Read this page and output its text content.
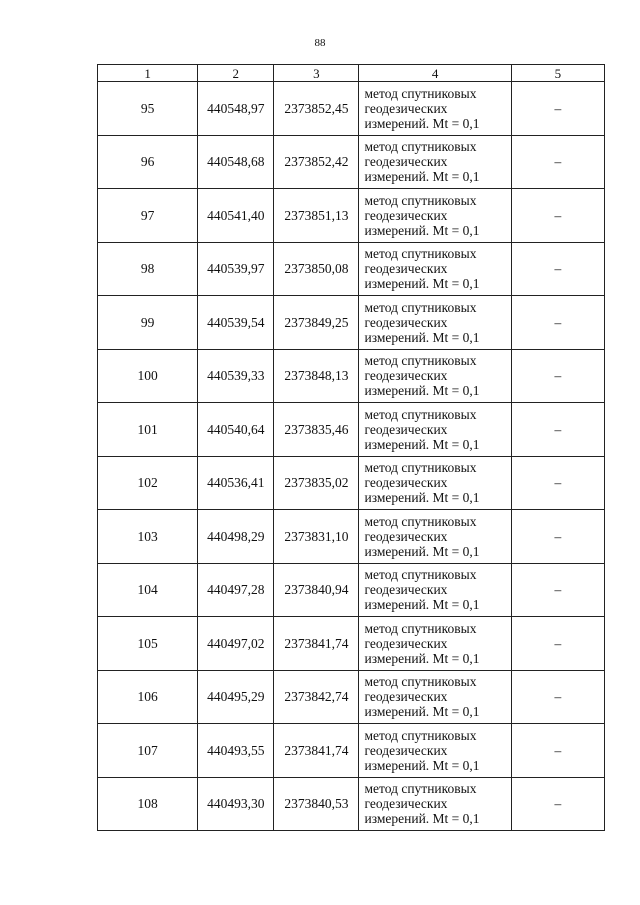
88
1	2	3	4	5
95	440548,97	2373852,45	метод спутниковых геодезических измерений. Mt = 0,1	–
96	440548,68	2373852,42	метод спутниковых геодезических измерений. Mt = 0,1	–
97	440541,40	2373851,13	метод спутниковых геодезических измерений. Mt = 0,1	–
98	440539,97	2373850,08	метод спутниковых геодезических измерений. Mt = 0,1	–
99	440539,54	2373849,25	метод спутниковых геодезических измерений. Mt = 0,1	–
100	440539,33	2373848,13	метод спутниковых геодезических измерений. Mt = 0,1	–
101	440540,64	2373835,46	метод спутниковых геодезических измерений. Mt = 0,1	–
102	440536,41	2373835,02	метод спутниковых геодезических измерений. Mt = 0,1	–
103	440498,29	2373831,10	метод спутниковых геодезических измерений. Mt = 0,1	–
104	440497,28	2373840,94	метод спутниковых геодезических измерений. Mt = 0,1	–
105	440497,02	2373841,74	метод спутниковых геодезических измерений. Mt = 0,1	–
106	440495,29	2373842,74	метод спутниковых геодезических измерений. Mt = 0,1	–
107	440493,55	2373841,74	метод спутниковых геодезических измерений. Mt = 0,1	–
108	440493,30	2373840,53	метод спутниковых геодезических измерений. Mt = 0,1	–
